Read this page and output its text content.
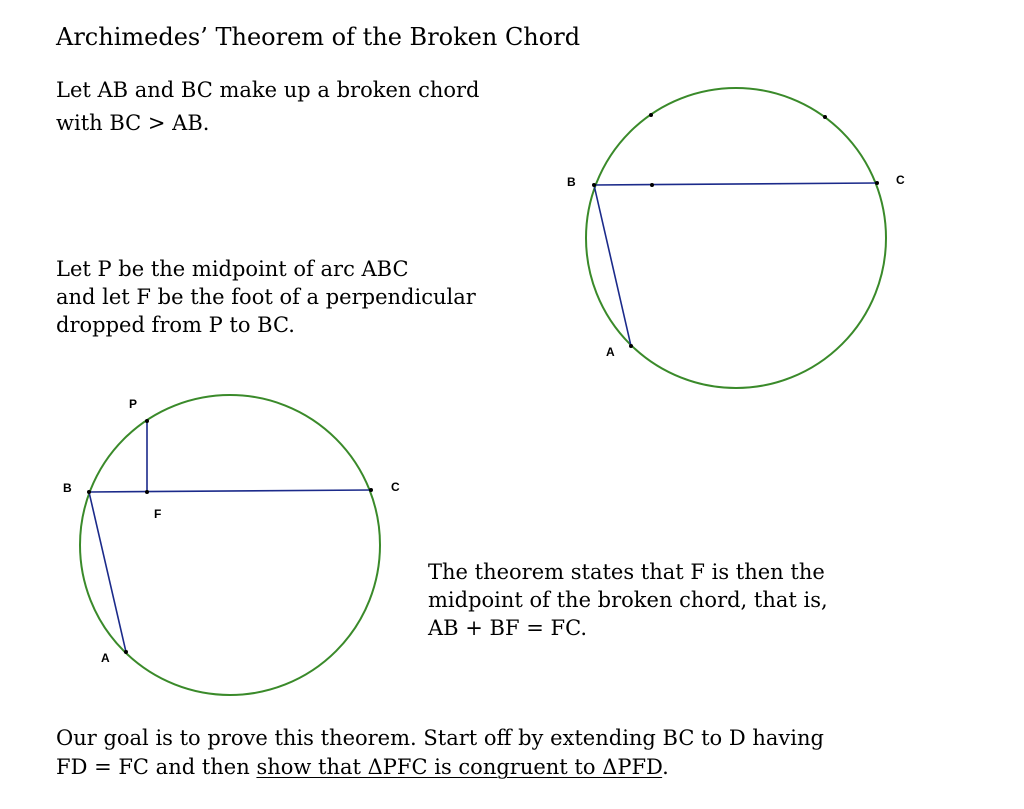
Archimedes’ Theorem of the Broken Chord
Let AB and BC make up a broken chord
with BC > AB.
Let P be the midpoint of arc ABC
and let F be the foot of a perpendicular
dropped from P to BC.
The theorem states that F is then the
midpoint of the broken chord, that is,
AB + BF = FC.
Our goal is to prove this theorem. Start off by extending BC to D having
FD = FC and then show that ΔPFC is congruent to ΔPFD.
B	C
A
P
B	C
F
A
